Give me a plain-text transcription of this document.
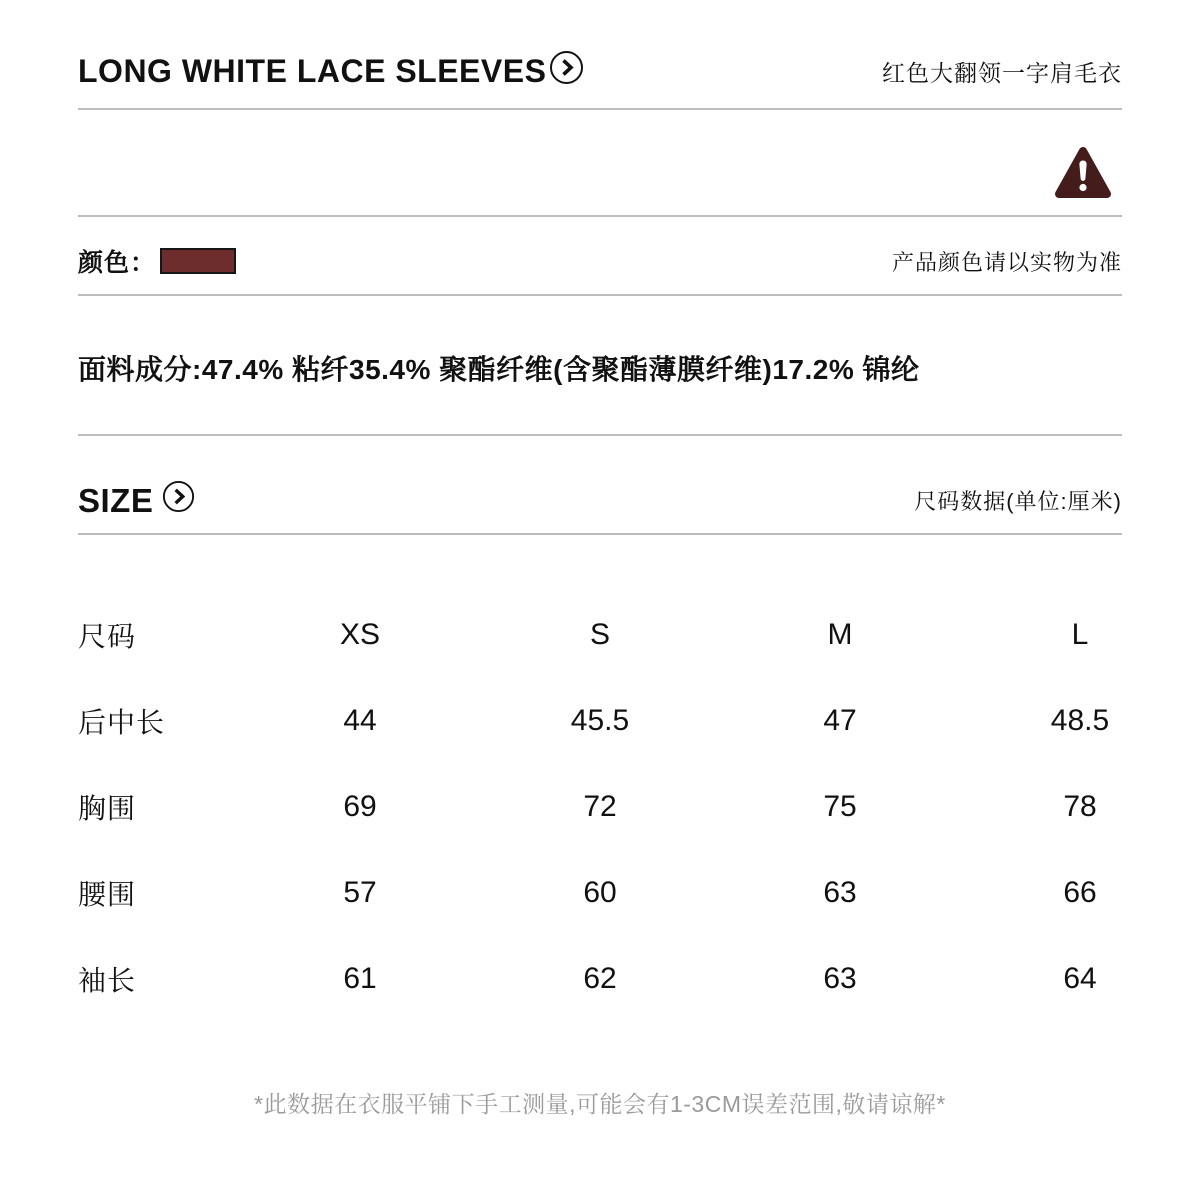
LONG WHITE LACE SLEEVES	红色大翻领一字肩毛衣
颜色：	产品颜色请以实物为准
面料成分:47.4% 粘纤35.4% 聚酯纤维(含聚酯薄膜纤维)17.2% 锦纶
SIZE	尺码数据(单位:厘米)
尺码	XS	S	M	L
后中长	44	45.5	47	48.5
胸围	69	72	75	78
腰围	57	60	63	66
袖长	61	62	63	64
*此数据在衣服平铺下手工测量,可能会有1-3CM误差范围,敬请谅解*
